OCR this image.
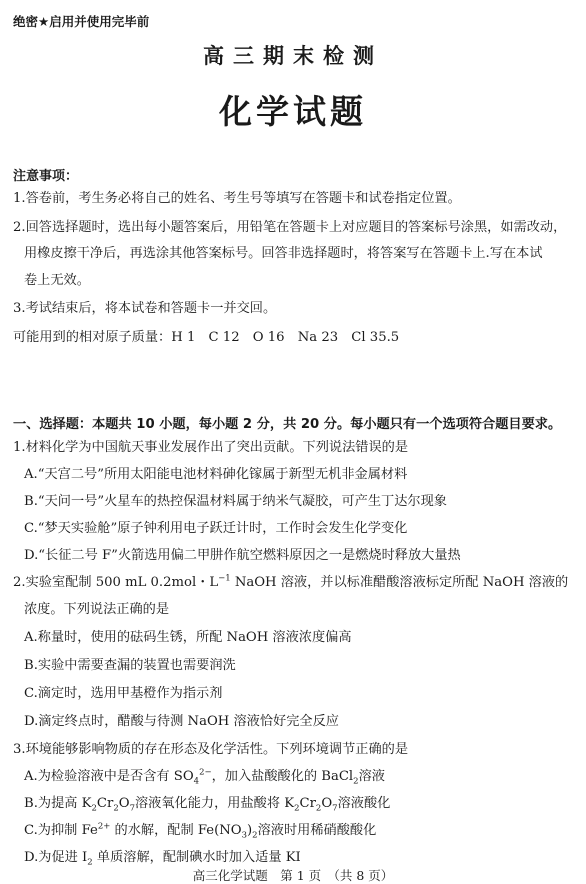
绝密★启用并使用完毕前
高三期末检测
化学试题
注意事项：
1.答卷前，考生务必将自己的姓名、考生号等填写在答题卡和试卷指定位置。
2.回答选择题时，选出每小题答案后，用铅笔在答题卡上对应题目的答案标号涂黑，如需改动，
用橡皮擦干净后，再选涂其他答案标号。回答非选择题时，将答案写在答题卡上.写在本试
卷上无效。
3.考试结束后，将本试卷和答题卡一并交回。
可能用到的相对原子质量：H 1　C 12　O 16　Na 23　Cl 35.5
一、选择题：本题共 10 小题，每小题 2 分，共 20 分。每小题只有一个选项符合题目要求。
1.材料化学为中国航天事业发展作出了突出贡献。下列说法错误的是
A.“天宫二号”所用太阳能电池材料砷化镓属于新型无机非金属材料
B.“天问一号”火星车的热控保温材料属于纳米气凝胶，可产生丁达尔现象
C.“梦天实验舱”原子钟利用电子跃迁计时，工作时会发生化学变化
D.“长征二号 F”火箭选用偏二甲肼作航空燃料原因之一是燃烧时释放大量热
2.实验室配制 500 mL 0.2mol・$L^{-1}$ NaOH 溶液，并以标准醋酸溶液标定所配 NaOH 溶液的
浓度。下列说法正确的是
A.称量时，使用的砝码生锈，所配 NaOH 溶液浓度偏高
B.实验中需要查漏的装置也需要润洗
C.滴定时，选用甲基橙作为指示剂
D.滴定终点时，醋酸与待测 NaOH 溶液恰好完全反应
3.环境能够影响物质的存在形态及化学活性。下列环境调节正确的是
A.为检验溶液中是否含有 $SO_4^{2-}$，加入盐酸酸化的 BaCl$_2$溶液
B.为提高 $K_2Cr_2O_7$溶液氧化能力，用盐酸将 $K_2Cr_2O_7$溶液酸化
C.为抑制 $Fe^{2+}$ 的水解，配制 $Fe(NO_3)_2$溶液时用稀硝酸酸化
D.为促进 $I_2$ 单质溶解，配制碘水时加入适量 KI
高三化学试题　第 1 页　（共 8 页）
